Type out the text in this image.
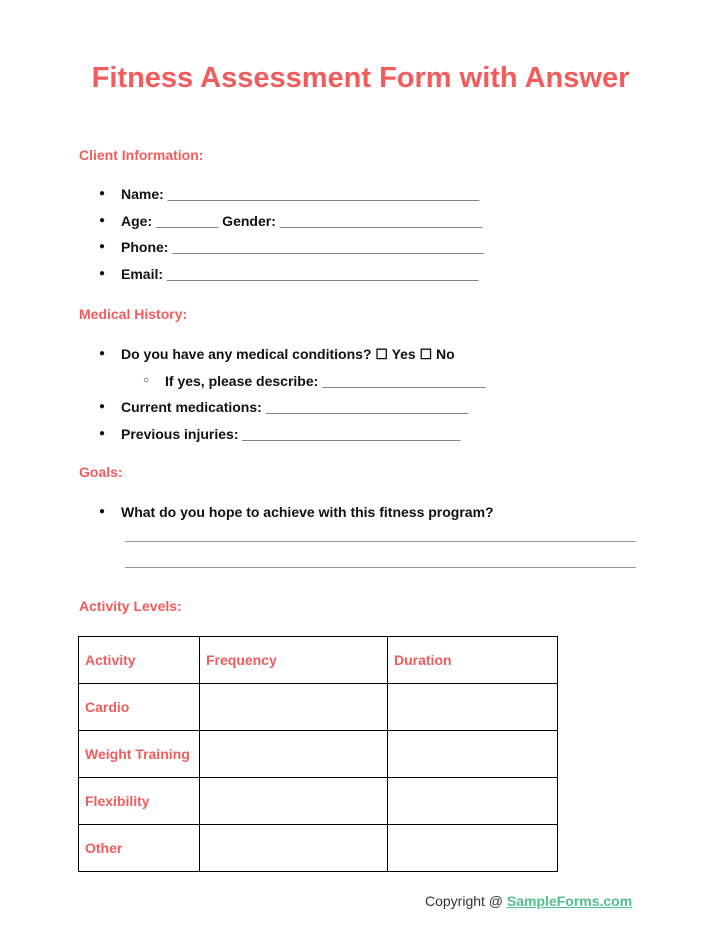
Fitness Assessment Form with Answer

Client Information:

● Name: ________________________________________
● Age: ________ Gender: __________________________
● Phone: ________________________________________
● Email: ________________________________________

Medical History:

● Do you have any medical conditions? ☐ Yes ☐ No
○ If yes, please describe: _____________________
● Current medications: __________________________
● Previous injuries: ____________________________

Goals:

● What do you hope to achieve with this fitness program?

Activity Levels:

Activity	Frequency	Duration
Cardio		
Weight Training		
Flexibility		
Other		
Copyright @ SampleForms.com
